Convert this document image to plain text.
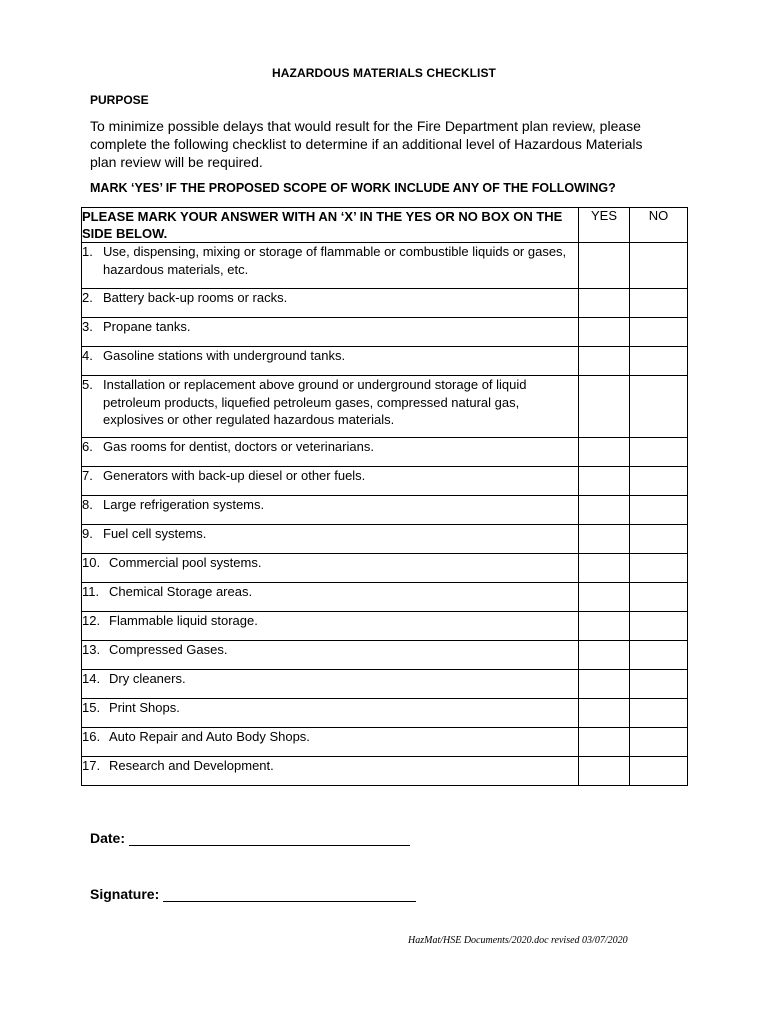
HAZARDOUS MATERIALS CHECKLIST
PURPOSE
To minimize possible delays that would result for the Fire Department plan review, please complete the following checklist to determine if an additional level of Hazardous Materials plan review will be required.
MARK ‘YES’ IF THE PROPOSED SCOPE OF WORK INCLUDE ANY OF THE FOLLOWING?
PLEASE MARK YOUR ANSWER WITH AN ‘X’ IN THE YES OR NO BOX ON THE SIDE BELOW.	YES	NO

1. Use, dispensing, mixing or storage of flammable or combustible liquids or gases, hazardous materials, etc.		

2. Battery back-up rooms or racks.		

3. Propane tanks.		

4. Gasoline stations with underground tanks.		

5. Installation or replacement above ground or underground storage of liquid petroleum products, liquefied petroleum gases, compressed natural gas, explosives or other regulated hazardous materials.		

6. Gas rooms for dentist, doctors or veterinarians.		

7. Generators with back-up diesel or other fuels.		

8. Large refrigeration systems.		

9. Fuel cell systems.		

10. Commercial pool systems.		

11. Chemical Storage areas.		

12. Flammable liquid storage.		

13. Compressed Gases.		

14. Dry cleaners.		

15. Print Shops.		

16. Auto Repair and Auto Body Shops.		

17. Research and Development.		

Date:
Signature:
HazMat/HSE Documents/2020.doc revised 03/07/2020
